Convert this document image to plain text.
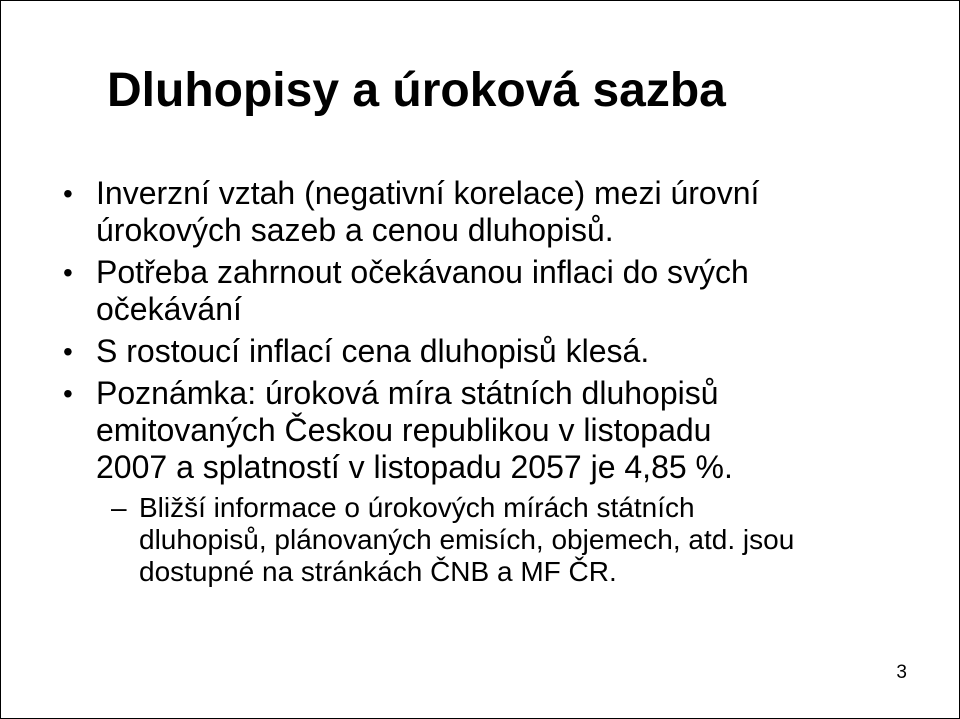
Dluhopisy a úroková sazba
• Inverzní vztah (negativní korelace) mezi úrovní
úrokových sazeb a cenou dluhopisů.
• Potřeba zahrnout očekávanou inflaci do svých
očekávání
• S rostoucí inflací cena dluhopisů klesá.
• Poznámka: úroková míra státních dluhopisů
emitovaných Českou republikou v listopadu
2007 a splatností v listopadu 2057 je 4,85 %.
– Bližší informace o úrokových mírách státních
dluhopisů, plánovaných emisích, objemech, atd. jsou
dostupné na stránkách ČNB a MF ČR.
3
